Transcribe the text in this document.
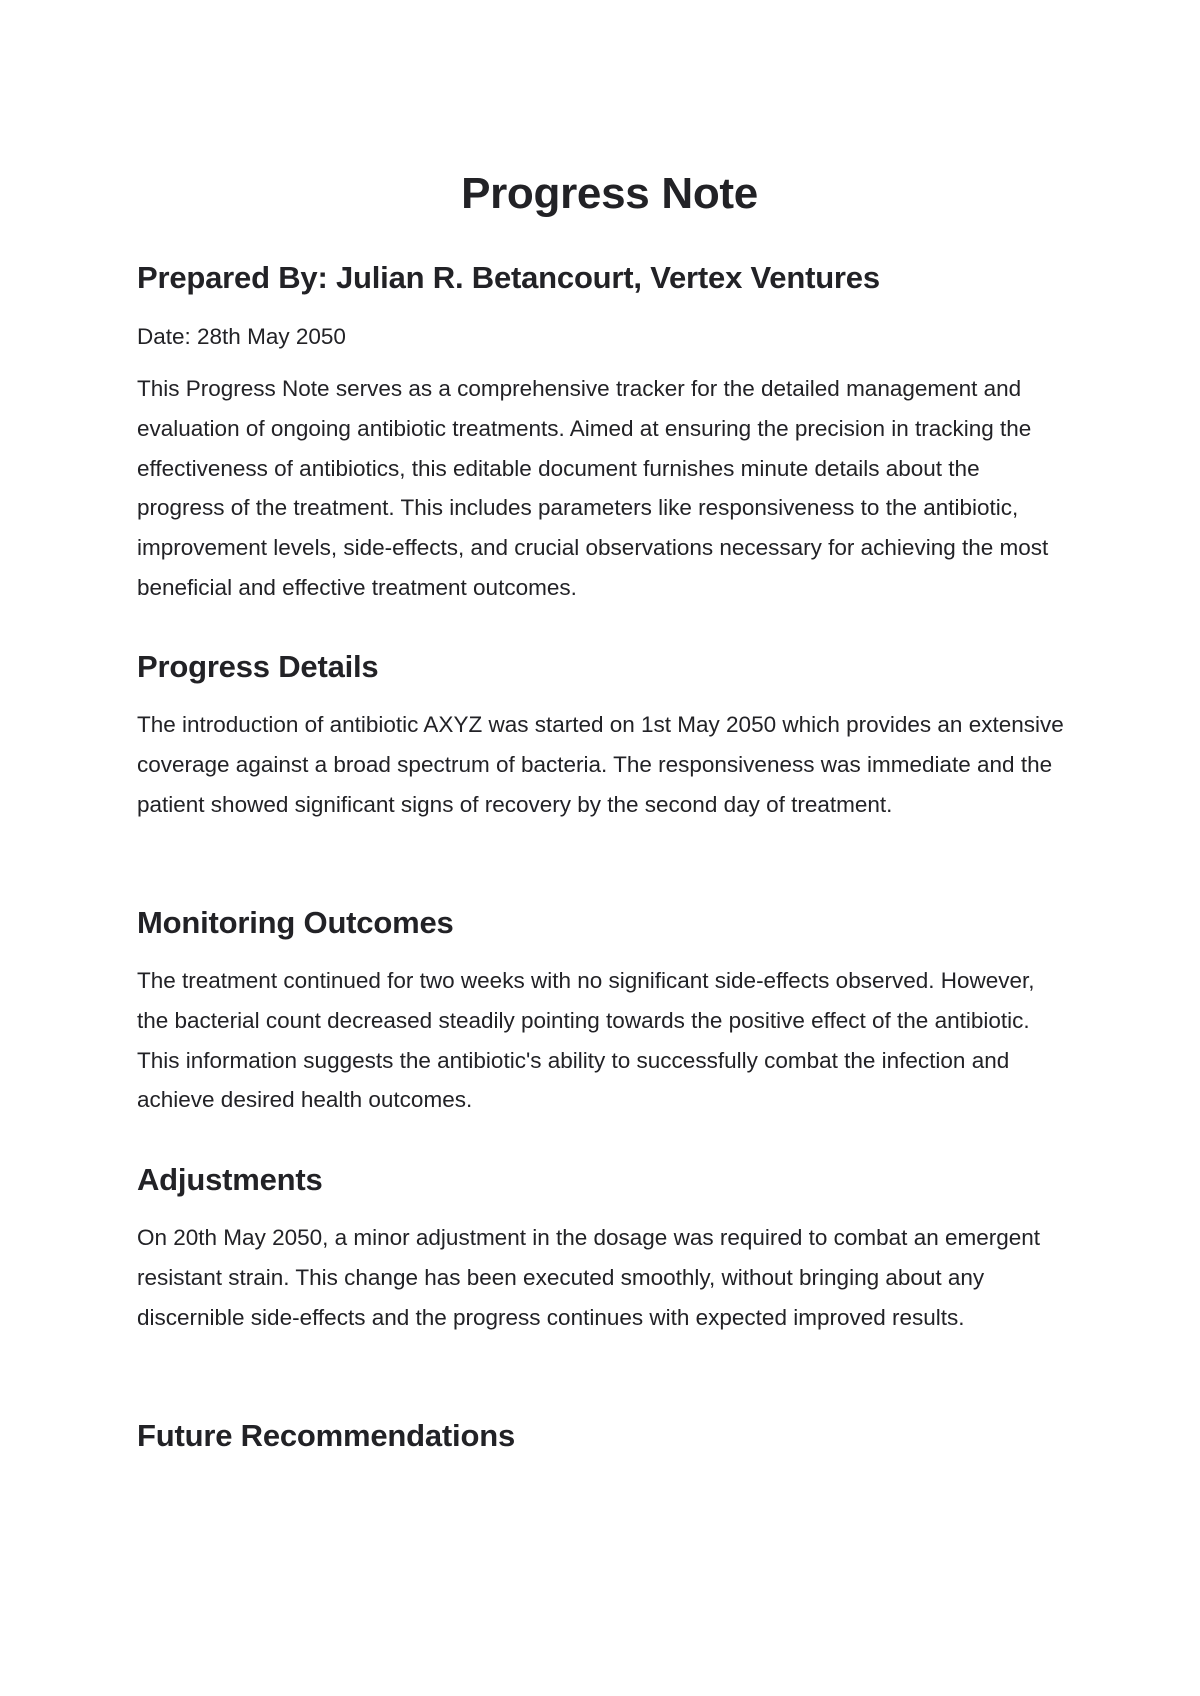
Progress Note
Prepared By: Julian R. Betancourt, Vertex Ventures

Date: 28th May 2050

This Progress Note serves as a comprehensive tracker for the detailed management and evaluation of ongoing antibiotic treatments. Aimed at ensuring the precision in tracking the effectiveness of antibiotics, this editable document furnishes minute details about the progress of the treatment. This includes parameters like responsiveness to the antibiotic, improvement levels, side-effects, and crucial observations necessary for achieving the most beneficial and effective treatment outcomes.

Progress Details

The introduction of antibiotic AXYZ was started on 1st May 2050 which provides an extensive coverage against a broad spectrum of bacteria. The responsiveness was immediate and the patient showed significant signs of recovery by the second day of treatment.

Monitoring Outcomes

The treatment continued for two weeks with no significant side-effects observed. However, the bacterial count decreased steadily pointing towards the positive effect of the antibiotic. This information suggests the antibiotic's ability to successfully combat the infection and achieve desired health outcomes.

Adjustments

On 20th May 2050, a minor adjustment in the dosage was required to combat an emergent resistant strain. This change has been executed smoothly, without bringing about any discernible side-effects and the progress continues with expected improved results.

Future Recommendations
